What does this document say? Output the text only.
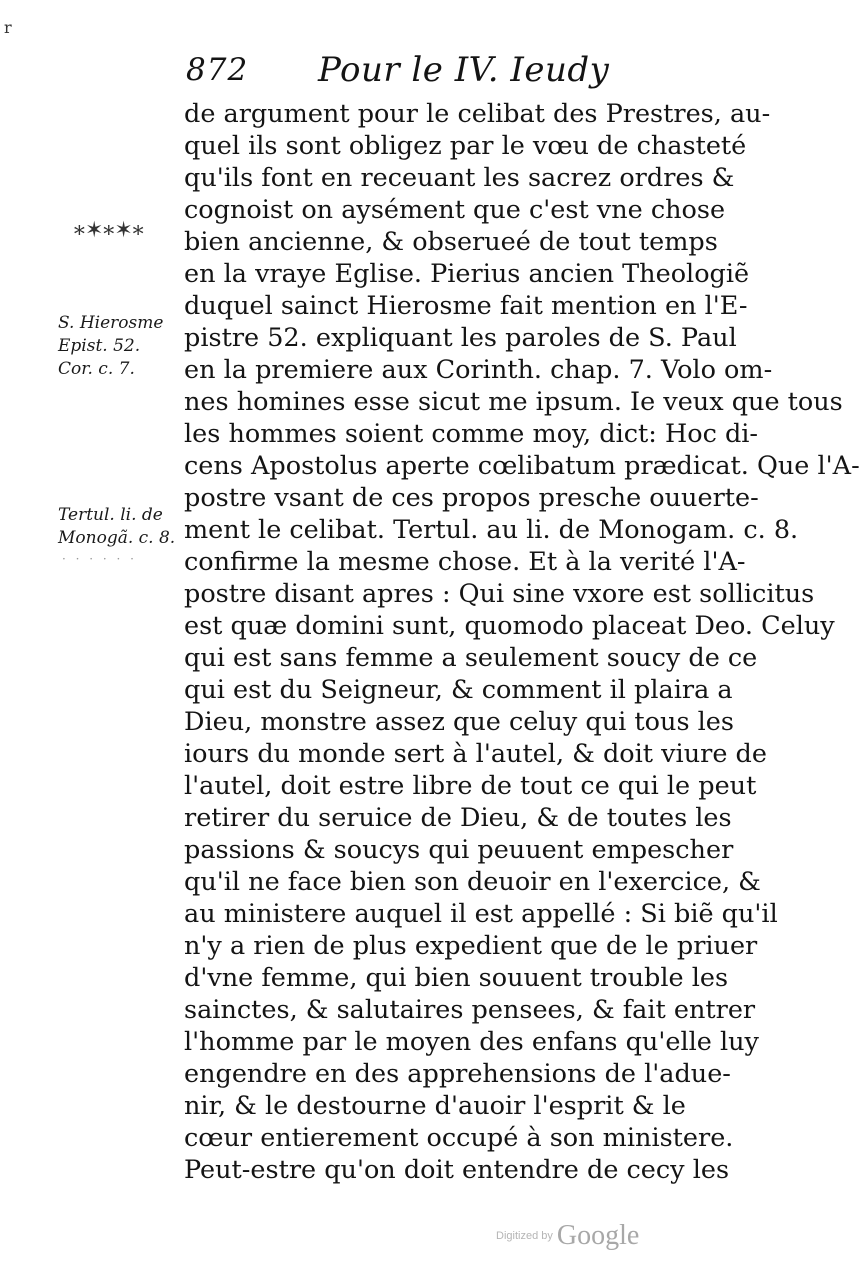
r
872 Pour le IV. Ieudy
∗✶∗✶∗
S. Hierosme
Epist. 52.
Cor. c. 7.
Tertul. li. de
Monogã. c. 8.
· · · · · ·
de argument pour le celibat des Prestres, au-
quel ils sont obligez par le vœu de chasteté
qu'ils font en receuant les sacrez ordres &
cognoist on aysément que c'est vne chose
bien ancienne, & obserueé de tout temps
en la vraye Eglise. Pierius ancien Theologiẽ
duquel sainct Hierosme fait mention en l'E-
pistre 52. expliquant les paroles de S. Paul
en la premiere aux Corinth. chap. 7. Volo om-
nes homines esse sicut me ipsum. Ie veux que tous
les hommes soient comme moy, dict: Hoc di-
cens Apostolus aperte cœlibatum prædicat. Que l'A-
postre vsant de ces propos presche ouuerte-
ment le celibat. Tertul. au li. de Monogam. c. 8.
confirme la mesme chose. Et à la verité l'A-
postre disant apres : Qui sine vxore est sollicitus
est quæ domini sunt, quomodo placeat Deo. Celuy
qui est sans femme a seulement soucy de ce
qui est du Seigneur, & comment il plaira a
Dieu, monstre assez que celuy qui tous les
iours du monde sert à l'autel, & doit viure de
l'autel, doit estre libre de tout ce qui le peut
retirer du seruice de Dieu, & de toutes les
passions & soucys qui peuuent empescher
qu'il ne face bien son deuoir en l'exercice, &
au ministere auquel il est appellé : Si biẽ qu'il
n'y a rien de plus expedient que de le priuer
d'vne femme, qui bien souuent trouble les
sainctes, & salutaires pensees, & fait entrer
l'homme par le moyen des enfans qu'elle luy
engendre en des apprehensions de l'adue-
nir, & le destourne d'auoir l'esprit & le
cœur entierement occupé à son ministere.
Peut-estre qu'on doit entendre de cecy les
Digitized by Google
